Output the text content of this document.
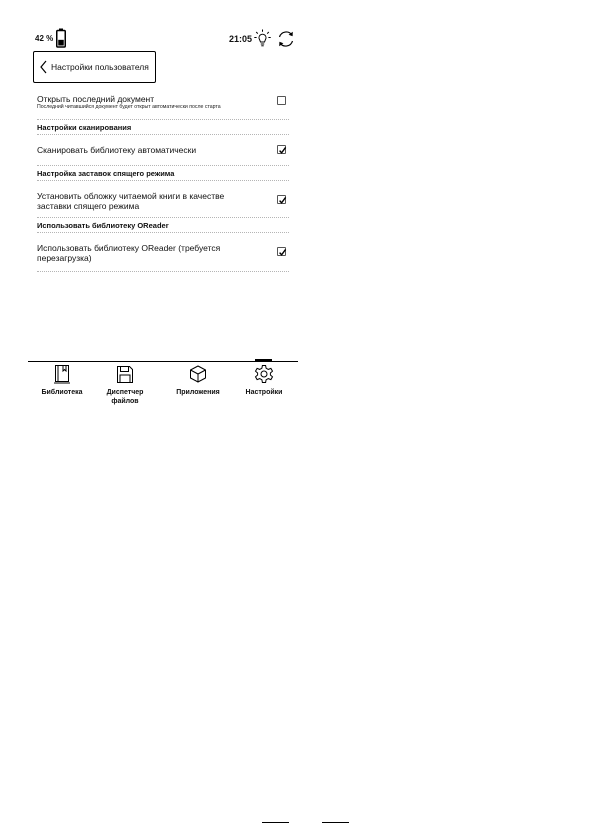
42 %	21:05
Настройки пользователя
Открыть последний документ
Последний читавшийся документ будет открыт автоматически после старта
Настройки сканирования
Сканировать библиотеку автоматически
Настройка заставок спящего режима
Установить обложку читаемой книги в качестве заставки спящего режима
Использовать библиотеку OReader
Использовать библиотеку OReader (требуется перезагрузка)
Библиотека	Диспетчер файлов
Приложения	Настройки
